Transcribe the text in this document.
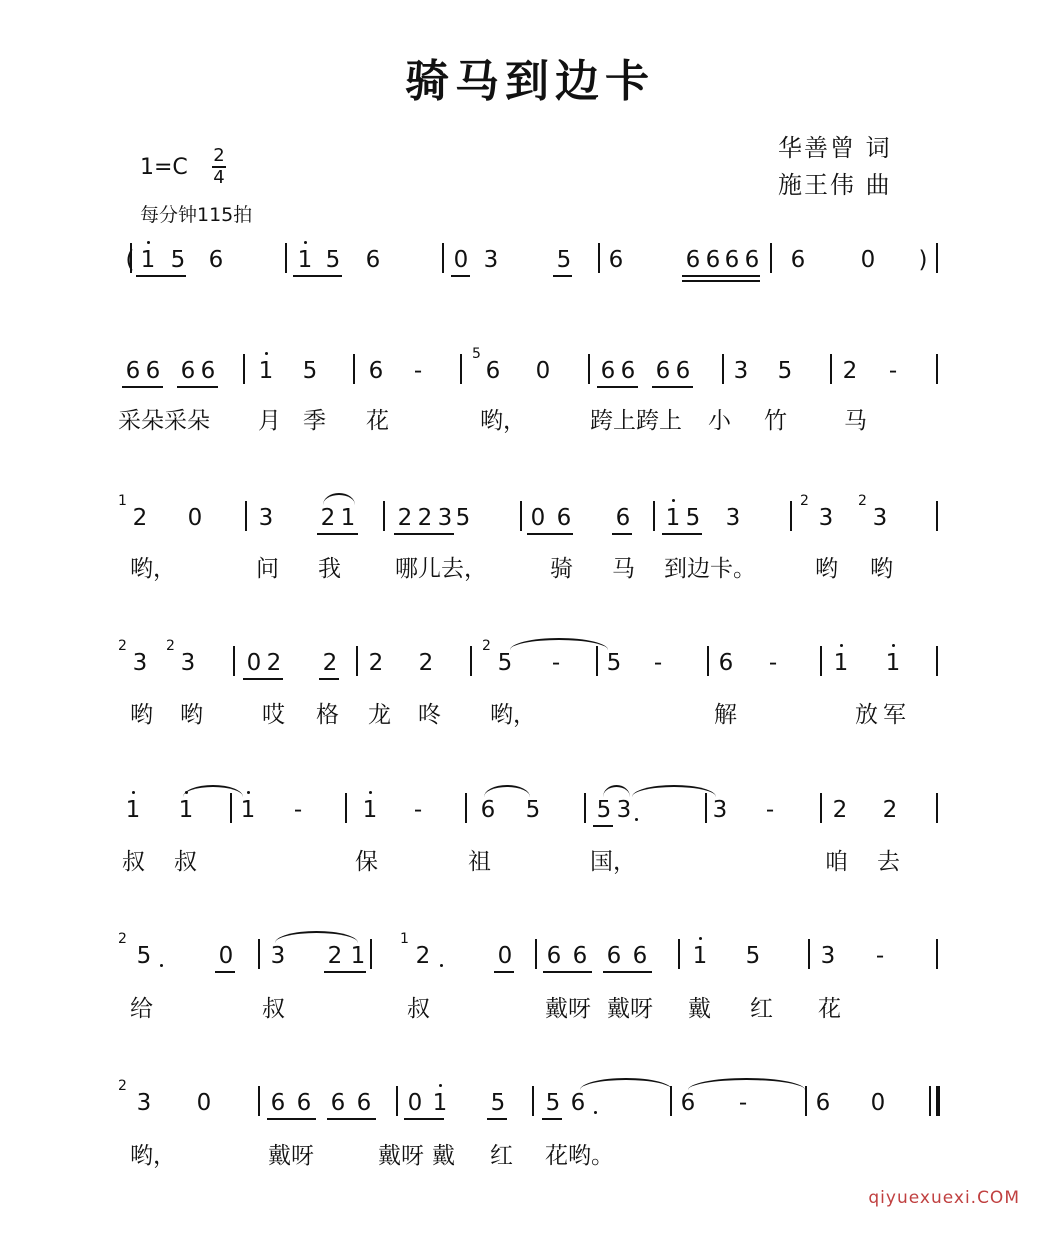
骑马到边卡
华善曾 词
施王伟 曲
1=C 2
4
每分钟115拍
1 5 6	1 5 6	0 3	5 6	6 6 6 6 6 0
(	)
6 6 6 6 1 5 6 -	6 0 6 6 6 6 3 5 2 -
5
采朵采朵 月 季 花	哟，	跨上跨上 小 竹 马
2 0 3 2 1 2 2 3 5	0 6 6 1 5 3	3 3
1	2	2
哟，	问 我 哪儿去，	骑 马 到边卡。	哟 哟
3 3 0 2 2 2 2	5 - 5 - 6 - 1 1
2	2	2
哟 哟	哎 格 龙 咚 哟，	解	放 军
1 1 1 -	1 -	6 5 5 3	3 -	2 2
叔 叔	保	祖	国，	咱 去
5	0 3 2 1 2	0 6 6 6 6 1 5	3 -
2	1
给	叔	叔	戴呀 戴呀 戴 红 花
3 0	6 6 6 6 0 1 5 5 6	6 -	6 0
2
哟，	戴呀	戴呀 戴 红 花哟。
qiyuexuexi.COM
